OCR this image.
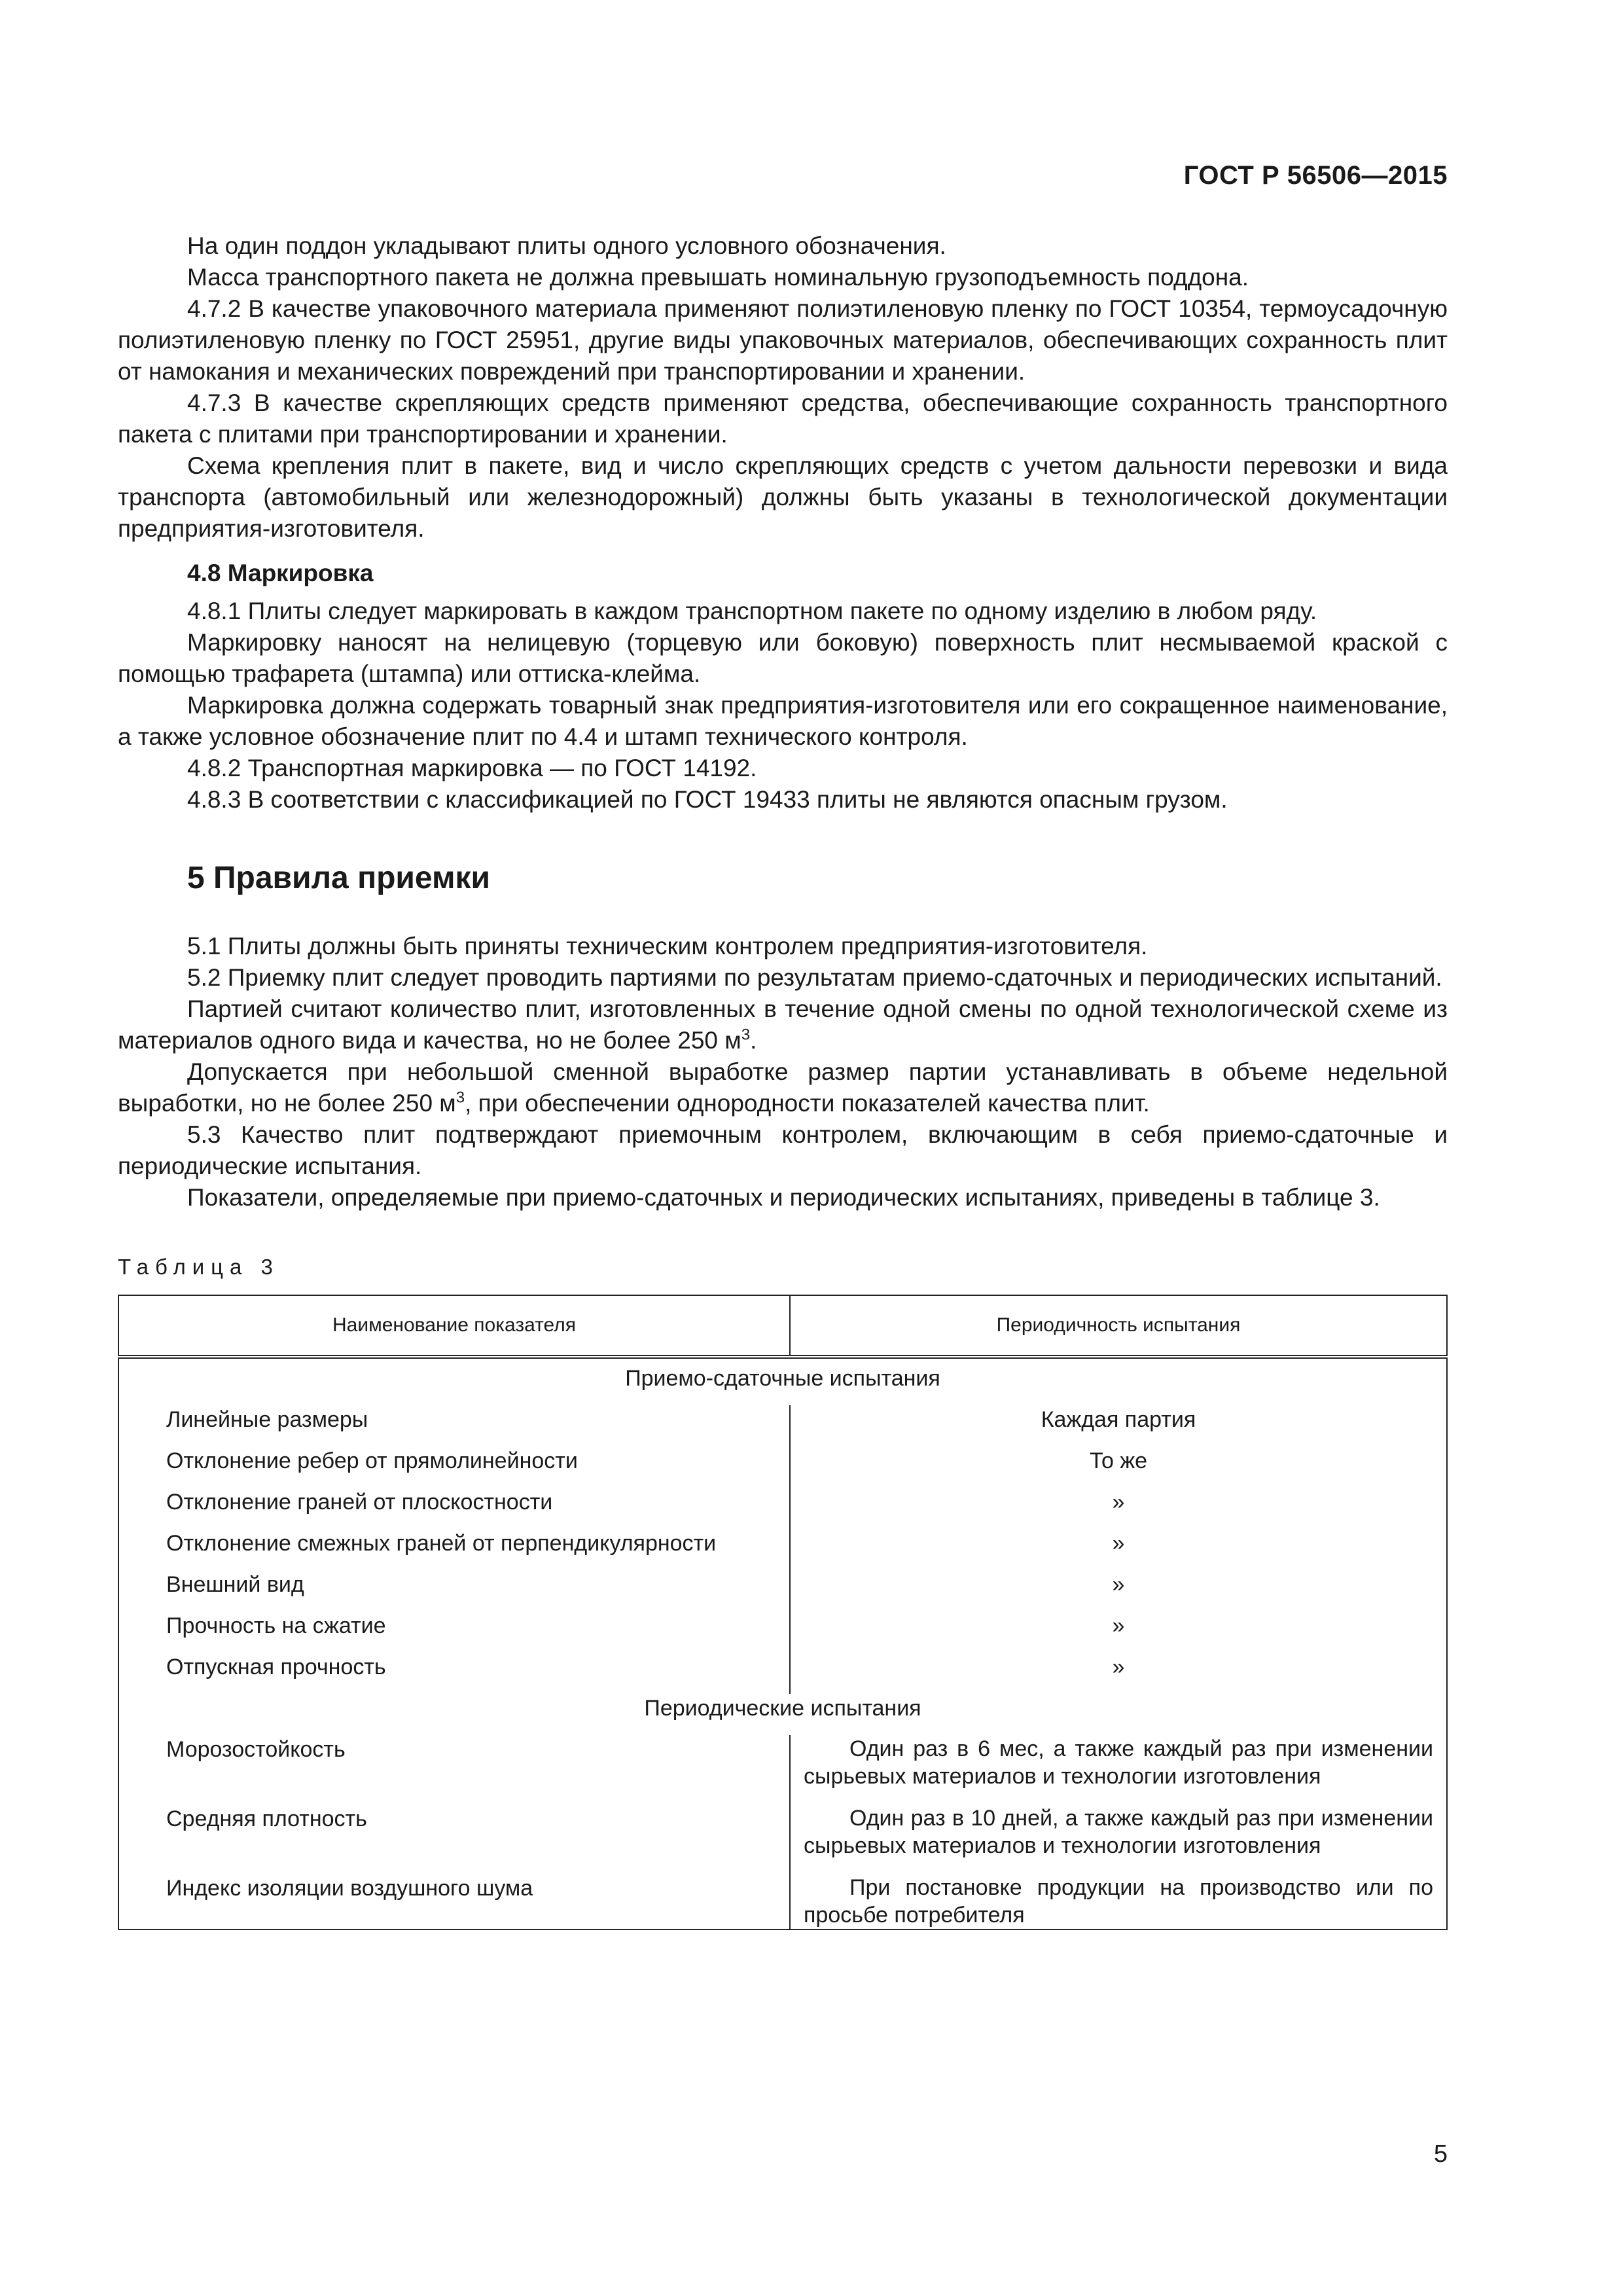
ГОСТ Р 56506—2015

На один поддон укладывают плиты одного условного обозначения.

Масса транспортного пакета не должна превышать номинальную грузоподъемность поддона.

4.7.2 В качестве упаковочного материала применяют полиэтиленовую пленку по ГОСТ 10354, термоусадочную полиэтиленовую пленку по ГОСТ 25951, другие виды упаковочных материалов, обеспечивающих сохранность плит от намокания и механических повреждений при транспортировании и хранении.

4.7.3 В качестве скрепляющих средств применяют средства, обеспечивающие сохранность транспортного пакета с плитами при транспортировании и хранении.

Схема крепления плит в пакете, вид и число скрепляющих средств с учетом дальности перевозки и вида транспорта (автомобильный или железнодорожный) должны быть указаны в технологической документации предприятия-изготовителя.

4.8 Маркировка

4.8.1 Плиты следует маркировать в каждом транспортном пакете по одному изделию в любом ряду.

Маркировку наносят на нелицевую (торцевую или боковую) поверхность плит несмываемой краской с помощью трафарета (штампа) или оттиска-клейма.

Маркировка должна содержать товарный знак предприятия-изготовителя или его сокращенное наименование, а также условное обозначение плит по 4.4 и штамп технического контроля.

4.8.2 Транспортная маркировка — по ГОСТ 14192.

4.8.3 В соответствии с классификацией по ГОСТ 19433 плиты не являются опасным грузом.

5 Правила приемки

5.1 Плиты должны быть приняты техническим контролем предприятия-изготовителя.

5.2 Приемку плит следует проводить партиями по результатам приемо-сдаточных и периодических испытаний.

Партией считают количество плит, изготовленных в течение одной смены по одной технологической схеме из материалов одного вида и качества, но не более 250 $м^3$.

Допускается при небольшой сменной выработке размер партии устанавливать в объеме недельной выработки, но не более 250 $м^3$, при обеспечении однородности показателей качества плит.

5.3 Качество плит подтверждают приемочным контролем, включающим в себя приемо-сдаточные и периодические испытания.

Показатели, определяемые при приемо-сдаточных и периодических испытаниях, приведены в таблице 3.

Таблица 3
Наименование показателя	Периодичность испытания
Приемо-сдаточные испытания	
Линейные размеры	Каждая партия
Отклонение ребер от прямолинейности	То же
Отклонение граней от плоскостности	»
Отклонение смежных граней от перпендикулярности	»
Внешний вид	»
Прочность на сжатие	»
Отпускная прочность	»
Периодические испытания	
Морозостойкость	Один раз в 6 мес, а также каждый раз при изменении сырьевых материалов и технологии изготовления
Средняя плотность	Один раз в 10 дней, а также каждый раз при изменении сырьевых материалов и технологии изготовления
Индекс изоляции воздушного шума	При постановке продукции на производство или по просьбе потребителя
5
